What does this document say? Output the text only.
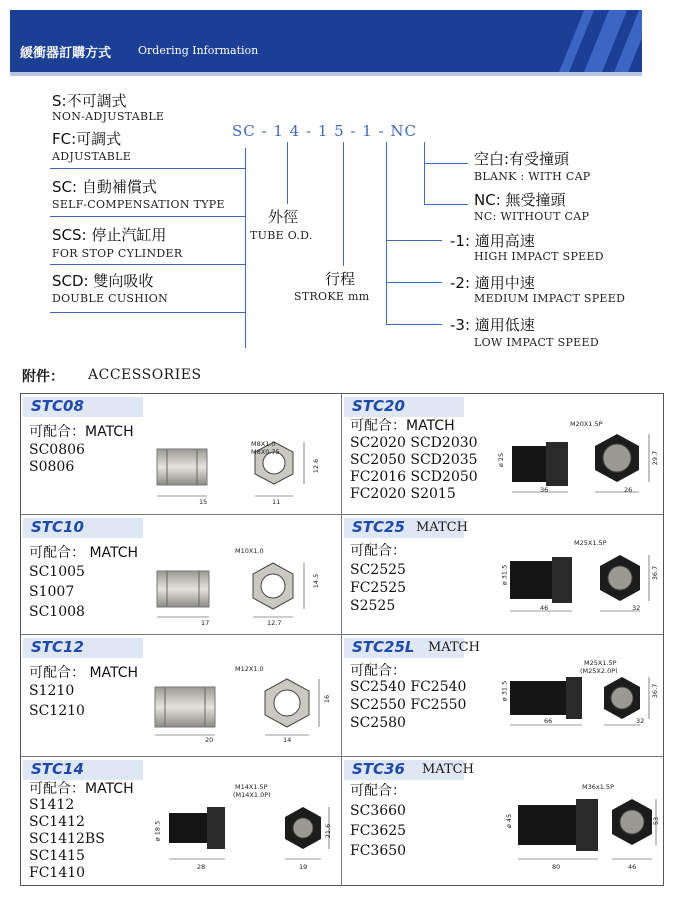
緩衝器訂購方式 Ordering Information
S:不可調式
NON-ADJUSTABLE
FC:可調式
ADJUSTABLE
SC: 自動補償式
SELF-COMPENSATION TYPE
SCS: 停止汽缸用
FOR STOP CYLINDER
SCD: 雙向吸收
DOUBLE CUSHION
SC - 1 4 - 1 5 - 1 - NC
外徑
TUBE O.D.
行程
STROKE mm
空白:有受撞頭
BLANK : WITH CAP
NC: 無受撞頭
NC: WITHOUT CAP
-1: 適用高速
HIGH IMPACT SPEED
-2: 適用中速
MEDIUM IMPACT SPEED
-3: 適用低速
LOW IMPACT SPEED
附件： ACCESSORIES
STC08
可配合：MATCH
SC0806
S0806
M8X1.0
M8X0.75
15	11
12.6
STC20
可配合：MATCH
SC2020 SCD2030
SC2050 SCD2035
FC2016 SCD2050
FC2020 S2015
M20X1.5P
ø 25
36	26
29.7
STC10
可配合： MATCH
SC1005
S1007
SC1008
M10X1.0
17	12.7
14.5
STC25 MATCH
可配合：
SC2525
FC2525
S2525
M25X1.5P
ø 31.5
46	32
36.7
STC12
可配合： MATCH
S1210
SC1210
M12X1.0
20	14
16
STC25L MATCH
可配合：
SC2540 FC2540
SC2550 FC2550
SC2580
M25X1.5P
(M25X2.0P)
ø 31.5
66	32
36.7
STC14
可配合：MATCH
S1412
SC1412
SC1412BS
SC1415
FC1410
M14X1.5P
(M14X1.0P)
ø 18.5
28	19
21.6
STC36 MATCH
可配合：
SC3660
FC3625
FC3650
M36x1.5P
ø 45
80	46
53
